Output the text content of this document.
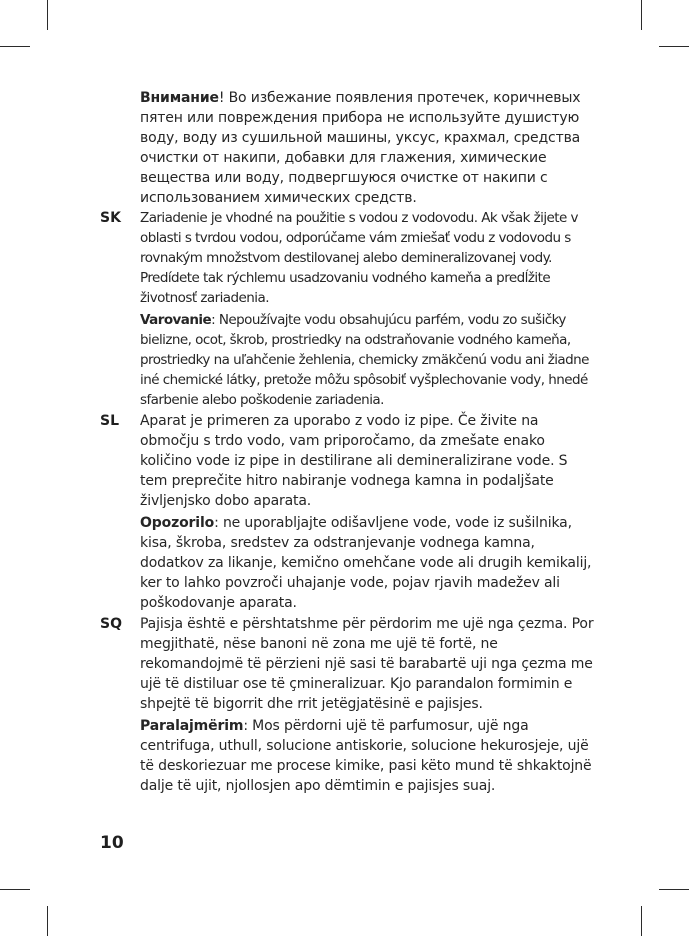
Внимание! Во избежание появления протечек, коричневых пятен или повреждения прибора не используйте душистую воду, воду из сушильной машины, уксус, крахмал, средства очистки от накипи, добавки для глажения, химические вещества или воду, подвергшуюся очистке от накипи с использованием химических средств.

SK	Zariadenie je vhodné na použitie s vodou z vodovodu. Ak však žijete v oblasti s tvrdou vodou, odporúčame vám zmiešať vodu z vodovodu s rovnakým množstvom destilovanej alebo demineralizovanej vody. Predídete tak rýchlemu usadzovaniu vodného kameňa a predĺžite životnosť zariadenia.

Varovanie: Nepoužívajte vodu obsahujúcu parfém, vodu zo sušičky bielizne, ocot, škrob, prostriedky na odstraňovanie vodného kameňa, prostriedky na uľahčenie žehlenia, chemicky zmäkčenú vodu ani žiadne iné chemické látky, pretože môžu spôsobiť vyšplechovanie vody, hnedé sfarbenie alebo poškodenie zariadenia.

SL	Aparat je primeren za uporabo z vodo iz pipe. Če živite na območju s trdo vodo, vam priporočamo, da zmešate enako količino vode iz pipe in destilirane ali demineralizirane vode. S tem preprečite hitro nabiranje vodnega kamna in podaljšate življenjsko dobo aparata.

Opozorilo: ne uporabljajte odišavljene vode, vode iz sušilnika, kisa, škroba, sredstev za odstranjevanje vodnega kamna, dodatkov za likanje, kemično omehčane vode ali drugih kemikalij, ker to lahko povzroči uhajanje vode, pojav rjavih madežev ali poškodovanje aparata.

SQ	Pajisja është e përshtatshme për përdorim me ujë nga çezma. Por megjithatë, nëse banoni në zona me ujë të fortë, ne rekomandojmë të përzieni një sasi të barabartë uji nga çezma me ujë të distiluar ose të çmineralizuar. Kjo parandalon formimin e shpejtë të bigorrit dhe rrit jetëgjatësinë e pajisjes.

Paralajmërim: Mos përdorni ujë të parfumosur, ujë nga centrifuga, uthull, solucione antiskorie, solucione hekurosjeje, ujë të deskoriezuar me procese kimike, pasi këto mund të shkaktojnë dalje të ujit, njollosjen apo dëmtimin e pajisjes suaj.

10
